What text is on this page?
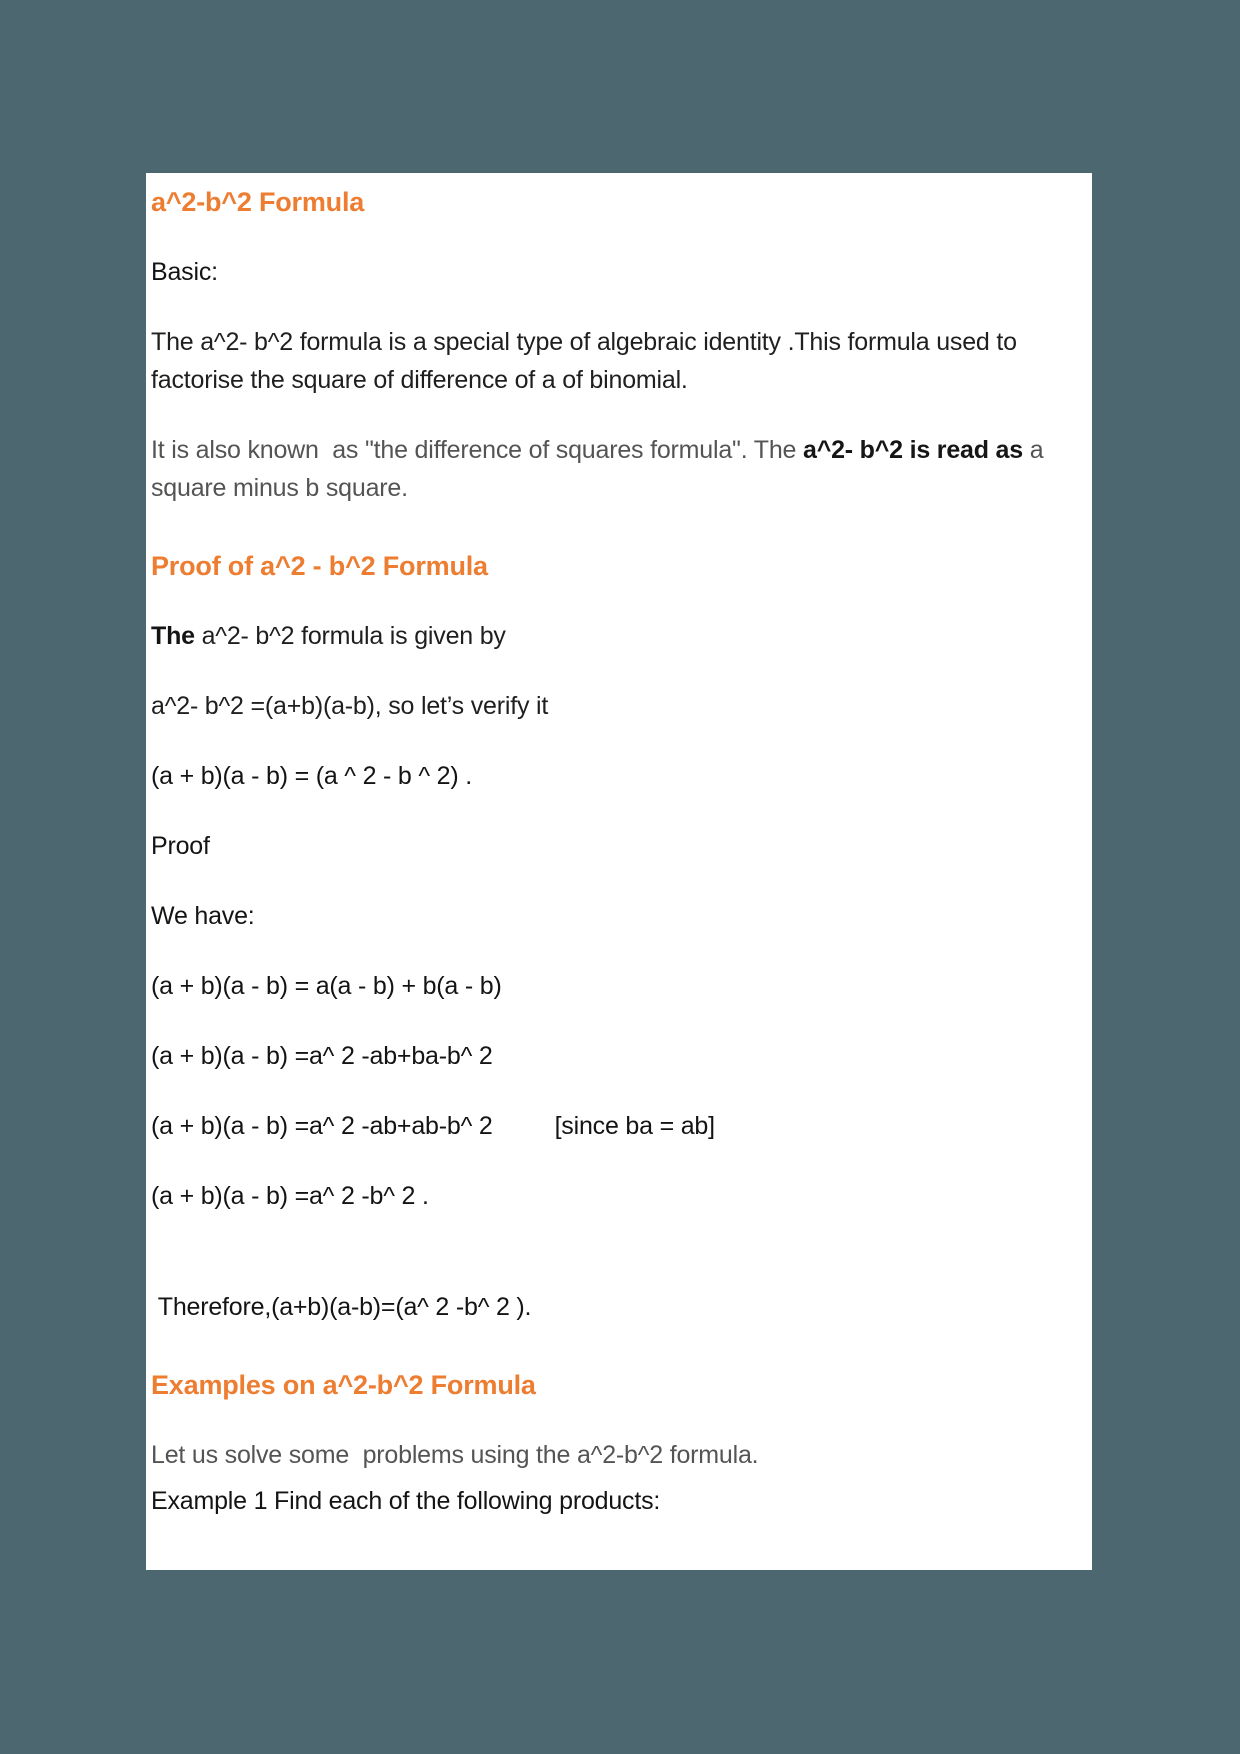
a^2-b^2 Formula

Basic:

The a^2- b^2 formula is a special type of algebraic identity .This formula used to  factorise the square of difference of a of binomial.

It is also known  as "the difference of squares formula". The a^2- b^2 is read as a square minus b square.

Proof of a^2 - b^2 Formula

The a^2- b^2 formula is given by

a^2- b^2 =(a+b)(a-b), so let’s verify it

(a + b)(a - b) = (a ^ 2 - b ^ 2) .

Proof

We have:

(a + b)(a - b) = a(a - b) + b(a - b)

(a + b)(a - b) =a^ 2 -ab+ba-b^ 2

(a + b)(a - b) =a^ 2 -ab+ab-b^ 2 [since ba = ab]

(a + b)(a - b) =a^ 2 -b^ 2 .

Therefore,(a+b)(a-b)=(a^ 2 -b^ 2 ).

Examples on a^2-b^2 Formula

Let us solve some  problems using the a^2-b^2 formula.

Example 1 Find each of the following products:
